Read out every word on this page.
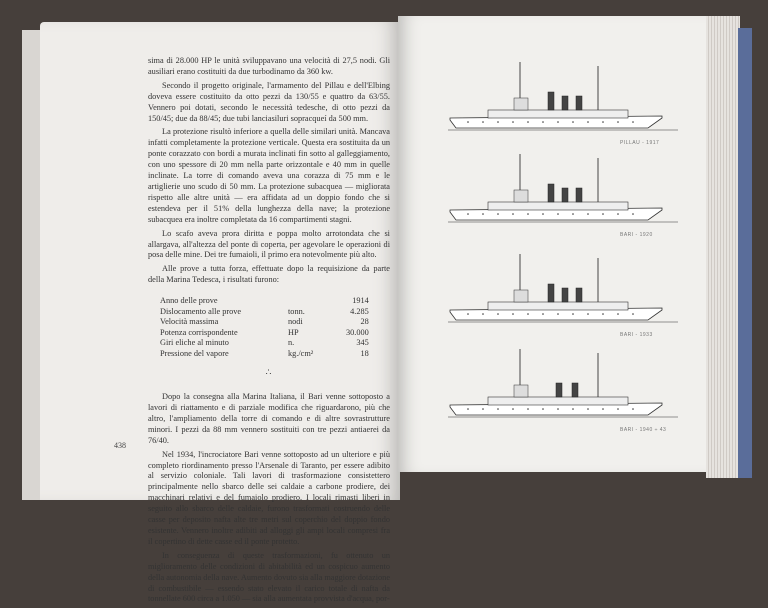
sima di 28.000 HP le unità sviluppavano una velocità di 27,5 nodi. Gli ausiliari erano costituiti da due turbodinamo da 360 kw.

Secondo il progetto originale, l'armamento del Pillau e dell'Elbing doveva essere costituito da otto pezzi da 130/55 e quattro da 63/55. Vennero poi dotati, secondo le necessità tedesche, di otto pezzi da 150/45; due da 88/45; due tubi lanciasiluri sopracqueí da 500 mm.

La protezione risultò inferiore a quella delle similari unità. Mancava infatti completamente la protezione verticale. Questa era sostituita da un ponte corazzato con bordi a murata inclinati fin sotto al galleggiamento, con uno spessore di 20 mm nella parte orizzontale e 40 mm in quelle inclinate. La torre di comando aveva una corazza di 75 mm e le artiglierie uno scudo di 50 mm. La protezione subacquea — migliorata rispetto alle altre unità — era affidata ad un doppio fondo che si estendeva per il 51% della lunghezza della nave; la protezione subacquea era inoltre completata da 16 compartimenti stagni.

Lo scafo aveva prora diritta e poppa molto arrotondata che si allargava, all'altezza del ponte di coperta, per agevolare le operazioni di posa delle mine. Dei tre fumaioli, il primo era notevolmente più alto.

Alle prove a tutta forza, effettuate dopo la requisizione da parte della Marina Tedesca, i risultati furono:

Anno delle prove		1914
Dislocamento alle prove	tonn.	4.285
Velocità massima	nodi	28
Potenza corrispondente	HP	30.000
Giri eliche al minuto	n.	345
Pressione del vapore	kg./cm²	18
∴

Dopo la consegna alla Marina Italiana, il Bari venne sottoposto a lavori di riattamento e di parziale modifica che riguardarono, più che altro, l'ampliamento della torre di comando e di altre sovrastrutture minori. I pezzi da 88 mm vennero sostituiti con tre pezzi antiaerei da 76/40.

Nel 1934, l'incrociatore Bari venne sottoposto ad un ulteriore e più completo riordinamento presso l'Arsenale di Taranto, per essere adibito al servizio coloniale. Tali lavori di trasformazione consistettero principalmente nello sbarco delle sei caldaie a carbone prodiere, dei macchinari relativi e del fumaiolo prodiero. I locali rimasti liberi in seguito allo sbarco delle caldaie, furono trasformati costruendo delle casse per deposito nafta alte tre metri sul coperchio del doppio fondo esistente. Vennero inoltre adibiti ad alloggi gli ampi locali compresi fra il copertino di dette casse ed il ponte protetto.

In conseguenza di queste trasformazioni, fu ottenuto un miglioramento delle condizioni di abitabilità ed un cospicuo aumento della autonomia della nave. Aumento dovuto sia alla maggiore dotazione di combustibile — essendo stato elevato il carico totale di nafta da tonnellate 600 circa a 1.050 — sia alla aumentata provvista d'acqua, por-

438
PILLAU - 1917
BARI - 1920
BARI - 1933
BARI - 1940 ÷ 43
